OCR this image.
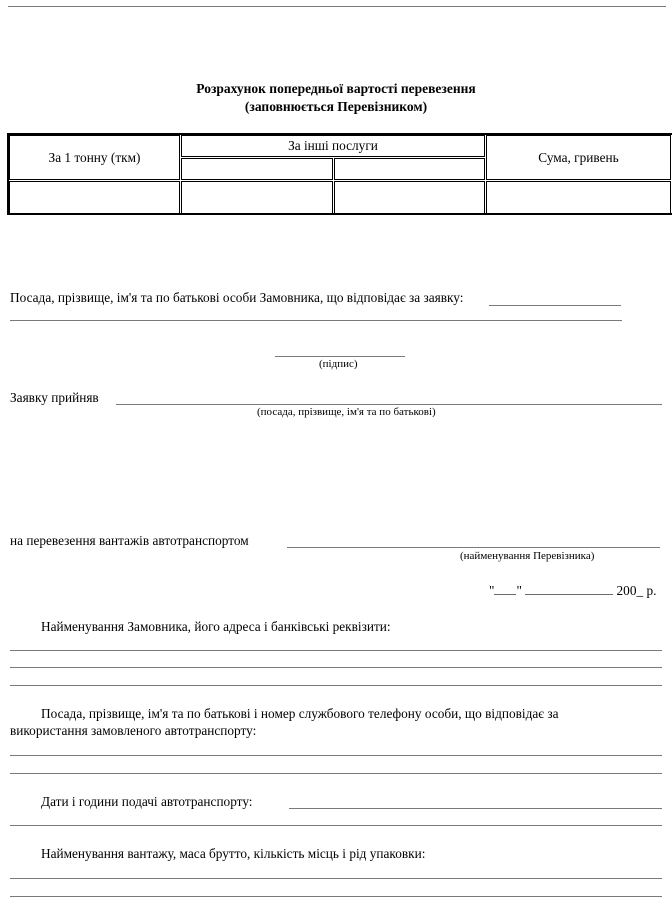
Розрахунок попередньої вартості перевезення
(заповнюється Перевізником)
За 1 тонну (ткм)
За інші послуги
Сума, гривень
Посада, прізвище, ім'я та по батькові особи Замовника, що відповідає за заявку:
(підпис)
Заявку прийняв
(посада, прізвище, ім'я та по батькові)
на перевезення вантажів автотранспортом
(найменування Перевізника)
" "	200_ р.
Найменування Замовника, його адреса і банківські реквізити:
Посада, прізвище, ім'я та по батькові і номер службового телефону особи, що відповідає за
використання замовленого автотранспорту:
Дати і години подачі автотранспорту:
Найменування вантажу, маса брутто, кількість місць і рід упаковки:
